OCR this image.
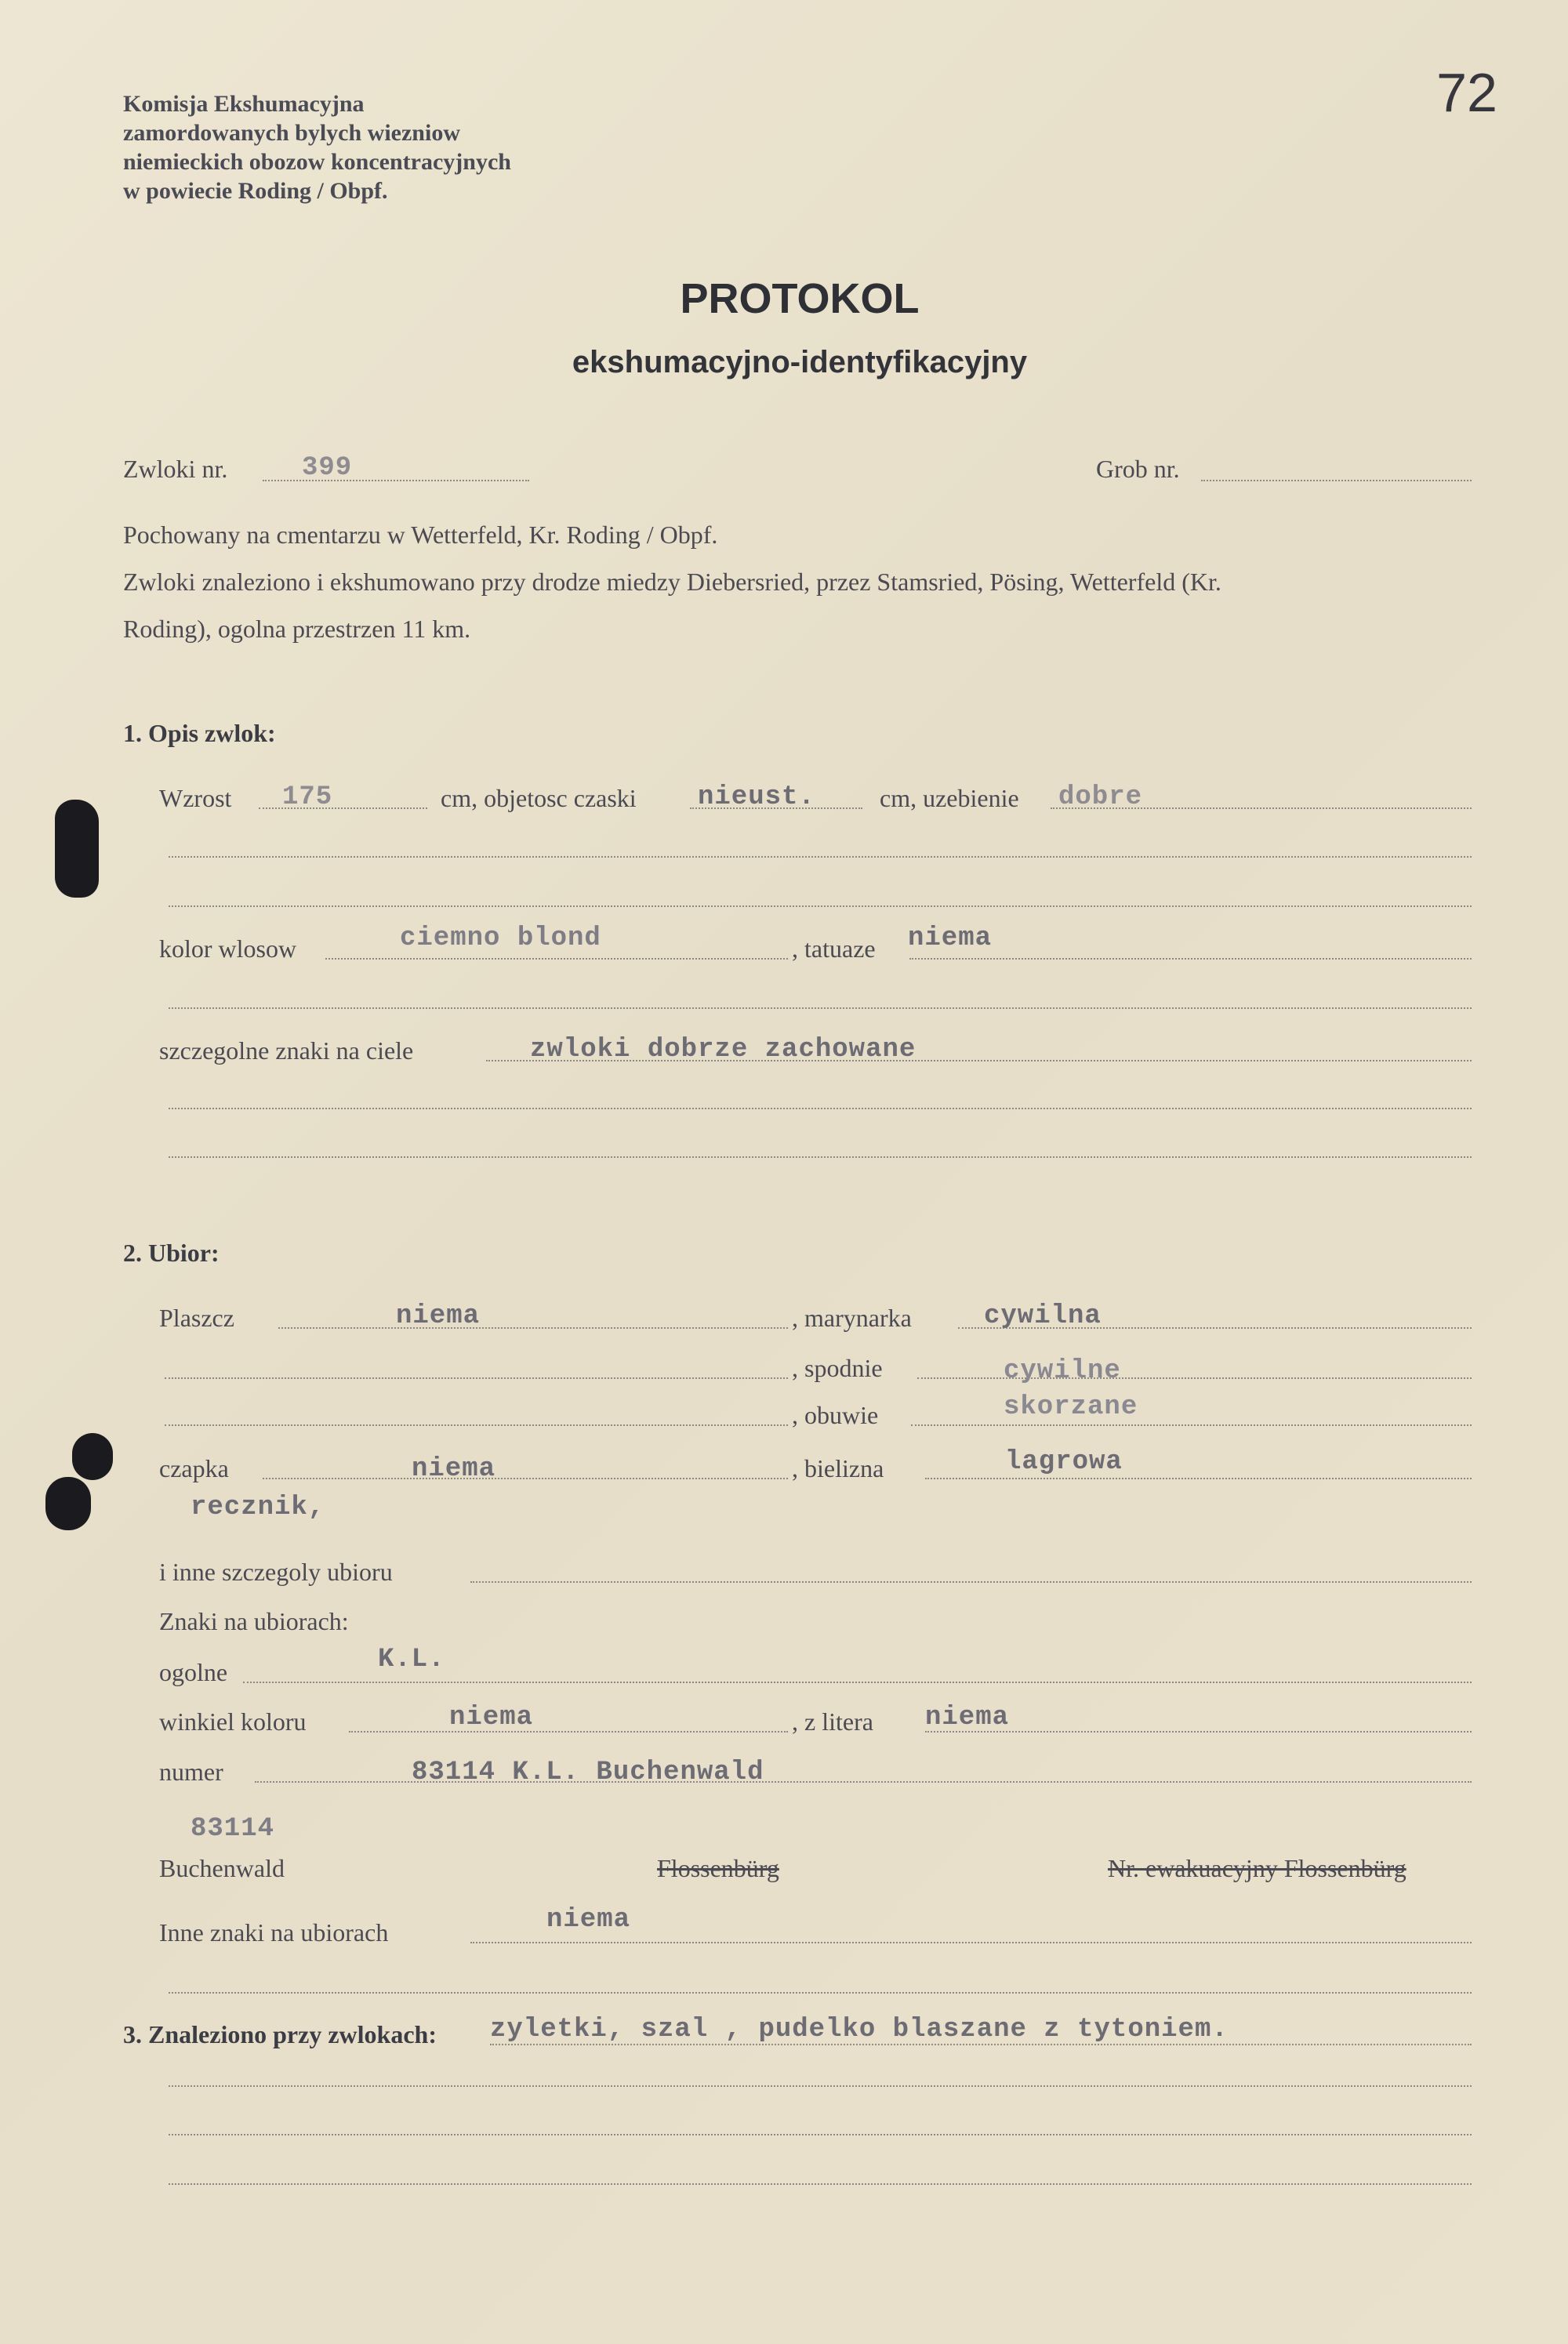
Komisja Ekshumacyjna
zamordowanych bylych wiezniow
niemieckich obozow koncentracyjnych
w powiecie Roding / Obpf.
72
PROTOKOL
ekshumacyjno-identyfikacyjny
Zwloki nr.	399	Grob nr.
Pochowany na cmentarzu w Wetterfeld, Kr. Roding / Obpf.
Zwloki znaleziono i ekshumowano przy drodze miedzy Diebersried, przez Stamsried, Pösing, Wetterfeld (Kr.
Roding), ogolna przestrzen 11 km.
1. Opis zwlok:
Wzrost 175	cm, objetosc czaski nieust.	cm, uzebienie dobre
kolor wlosow	ciemno blond	, tatuaze niema
szczegolne znaki na ciele	zwloki dobrze zachowane
2. Ubior:
Plaszcz	niema	, marynarka	cywilna
, spodnie	cywilne
, obuwie	skorzane
czapka	niema	, bielizna	lagrowa
recznik,
i inne szczegoly ubioru
Znaki na ubiorach:
ogolne	K.L.
winkiel koloru	niema	, z litera niema
numer	83114 K.L. Buchenwald
83114
Buchenwald	Flossenbürg	Nr. ewakuacyjny Flossenbürg
Inne znaki na ubiorach	niema
3. Znaleziono przy zwlokach: zyletki, szal , pudelko blaszane z tytoniem.
